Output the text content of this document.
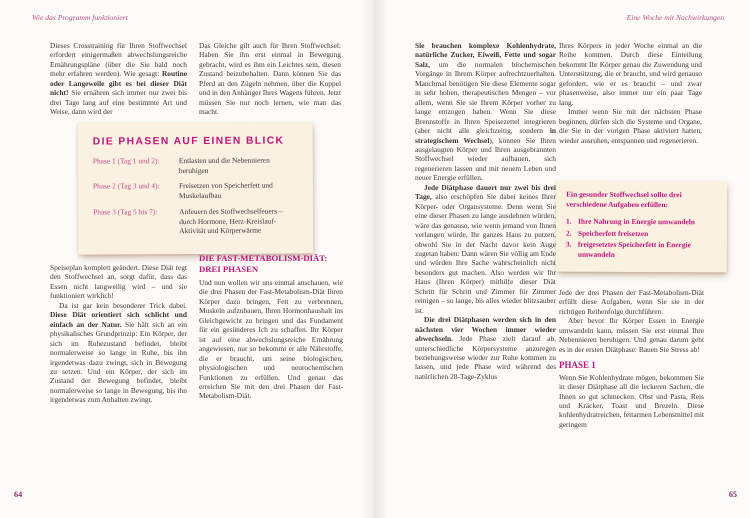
Wie das Programm funktioniert	Eine Woche mit Nachwirkungen

Dieses Crosstraining für Ihren Stoffwechsel erfordert einigermaßen abwechslungsreiche Ernährungspläne (über die Sie bald noch mehr erfahren werden). Wie gesagt: Routine oder Langeweile gibt es bei dieser Diät nicht! Sie ernähren sich immer nur zwei bis drei Tage lang auf eine bestimmte Art und Weise, dann wird der

Das Gleiche gilt auch für Ihren Stoffwechsel: Haben Sie ihn erst einmal in Bewegung gebracht, wird es ihm ein Leichtes sein, diesen Zustand beizubehalten. Dann können Sie das Pferd an den Zügeln nehmen, über die Koppel und in den Anhänger Ihres Wagens führen. Jetzt müssen Sie nur noch lernen, wie man das macht.

DIE PHASEN AUF EINEN BLICK
Phase 1 (Tag 1 und 2):	Entlasten und die Nebennieren beruhigen
Phase 2 (Tag 3 und 4):	Freisetzen von Speicherfett und Muskelaufbau
Phase 3 (Tag 5 bis 7):	Anfeuern des Stoffwechselfeuers – durch Hormone, Herz-Kreislauf-Aktivität und Körperwärme

Speiseplan komplett geändert. Diese Diät regt den Stoffwechsel an, sorgt dafür, dass das Essen nicht langweilig wird – und sie funktioniert wirklich!

Da ist gar kein besonderer Trick dabei. Diese Diät orientiert sich schlicht und einfach an der Natur. Sie hält sich an ein physikalisches Grundprinzip: Ein Körper, der sich im Ruhezustand befindet, bleibt normalerweise so lange in Ruhe, bis ihn irgendetwas dazu zwingt, sich in Bewegung zu setzen. Und ein Körper, der sich im Zustand der Bewegung befindet, bleibt normalerweise so lange in Bewegung, bis ihn irgendetwas zum Anhalten zwingt.

DIE FAST-METABOLISM-DIÄT: DREI PHASEN

Und nun wollen wir uns einmal anschauen, wie die drei Phasen der Fast-Metabolism-Diät Ihren Körper dazu bringen, Fett zu verbrennen, Muskeln aufzubauen, Ihren Hormonhaushalt ins Gleichgewicht zu bringen und das Fundament für ein gesünderes Ich zu schaffen. Ihr Körper ist auf eine abwechslungsreiche Ernährung angewiesen, nur so bekommt er alle Nährstoffe, die er braucht, um seine biologischen, physiologischen und neurochemischen Funktionen zu erfüllen. Und genau das erreichen Sie mit den drei Phasen der Fast-Metabolism-Diät.

64

Sie brauchen komplexe Kohlenhydrate, natürliche Zucker, Eiweiß, Fette und sogar Salz, um die normalen biochemischen Vorgänge in Ihrem Körper aufrechtzuerhalten. Manchmal benötigen Sie diese Elemente sogar in sehr hohen, therapeutischen Mengen – vor allem, wenn Sie sie Ihrem Körper vorher zu lange entzogen haben. Wenn Sie diese Brennstoffe in Ihren Speisezettel integrieren (aber nicht alle gleichzeitig, sondern in strategischem Wechsel), können Sie Ihren ausgelaugten Körper und Ihren ausgebrannten Stoffwechsel wieder aufbauen, sich regenerieren lassen und mit neuem Leben und neuer Energie erfüllen.

Jede Diätphase dauert nur zwei bis drei Tage, also erschöpfen Sie dabei keines Ihrer Körper- oder Organsysteme. Denn wenn Sie eine dieser Phasen zu lange ausdehnen würden, wäre das genauso, wie wenn jemand von Ihnen verlangen würde, Ihr ganzes Haus zu putzen, obwohl Sie in der Nacht davor kein Auge zugetan haben: Dann wären Sie völlig am Ende und würden Ihre Sache wahrscheinlich nicht besonders gut machen. Also werden wir Ihr Haus (Ihren Körper) mithilfe dieser Diät Schritt für Schritt und Zimmer für Zimmer reinigen – so lange, bis alles wieder blitzsauber ist.

Die drei Diätphasen werden sich in den nächsten vier Wochen immer wieder abwechseln. Jede Phase zielt darauf ab, unterschiedliche Körpersysteme anzuregen beziehungsweise wieder zur Ruhe kommen zu lassen, und jede Phase wird während des natürlichen 28-Tage-Zyklus

Ihres Körpers in jeder Woche einmal an die Reihe kommen. Durch diese Einteilung bekommt Ihr Körper genau die Zuwendung und Unterstützung, die er braucht, und wird genauso gefordert, wie er es braucht – und zwar phasenweise, also immer nur ein paar Tage lang.

Immer wenn Sie mit der nächsten Phase beginnen, dürfen sich die Systeme und Organe, die Sie in der vorigen Phase aktiviert hatten, wieder ausruhen, entspannen und regenerieren.

Ein gesunder Stoffwechsel sollte drei verschiedene Aufgaben erfüllen:

1. Ihre Nahrung in Energie umwandeln
2. Speicherfett freisetzen
3. freigesetztes Speicherfett in Energie umwandeln

Jede der drei Phasen der Fast-Metabolism-Diät erfüllt diese Aufgaben, wenn Sie sie in der richtigen Reihenfolge durchführen.

Aber bevor Ihr Körper Essen in Energie umwandeln kann, müssen Sie erst einmal Ihre Nebennieren beruhigen. Und genau darum geht es in der ersten Diätphase: Bauen Sie Stress ab!

PHASE 1

Wenn Sie Kohlenhydrate mögen, bekommen Sie in dieser Diätphase all die leckeren Sachen, die Ihnen so gut schmecken: Obst und Pasta, Reis und Kräcker, Toast und Brezeln. Diese kohlenhydratreichen, fettarmen Lebensmittel mit geringem

65
